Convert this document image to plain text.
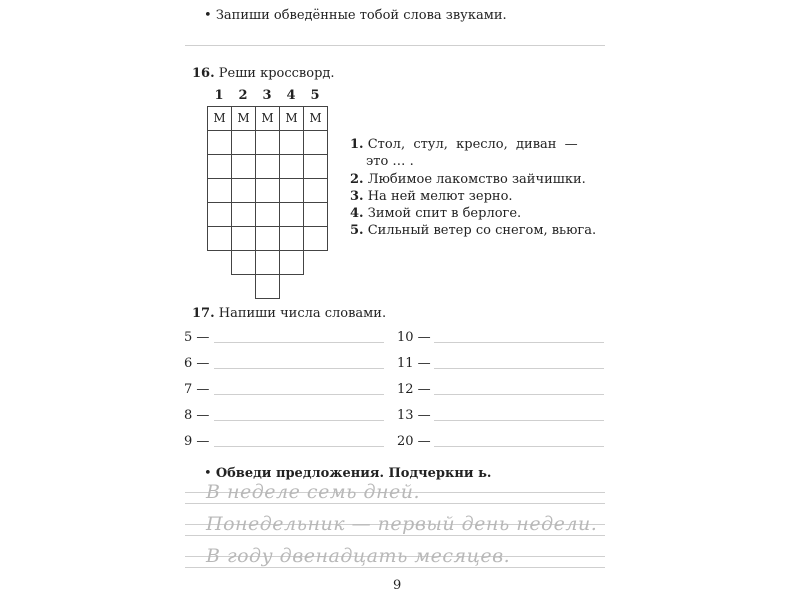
• Запиши обведённые тобой слова звуками.
16. Реши кроссворд.
1	2	3	4	5
М М М М М
1. Стол,  стул,  кресло,  диван  —
это … .
2. Любимое лакомство зайчишки.
3. На ней мелют зерно.
4. Зимой спит в берлоге.
5. Сильный ветер со снегом, вьюга.
17. Напиши числа словами.
5 —
6 —
7 —
8 —
9 —
10 —
11 —
12 —
13 —
20 —
• Обведи предложения. Подчеркни ь.
В неделе семь дней.
Понедельник — первый день недели.
В году двенадцать месяцев.
9
